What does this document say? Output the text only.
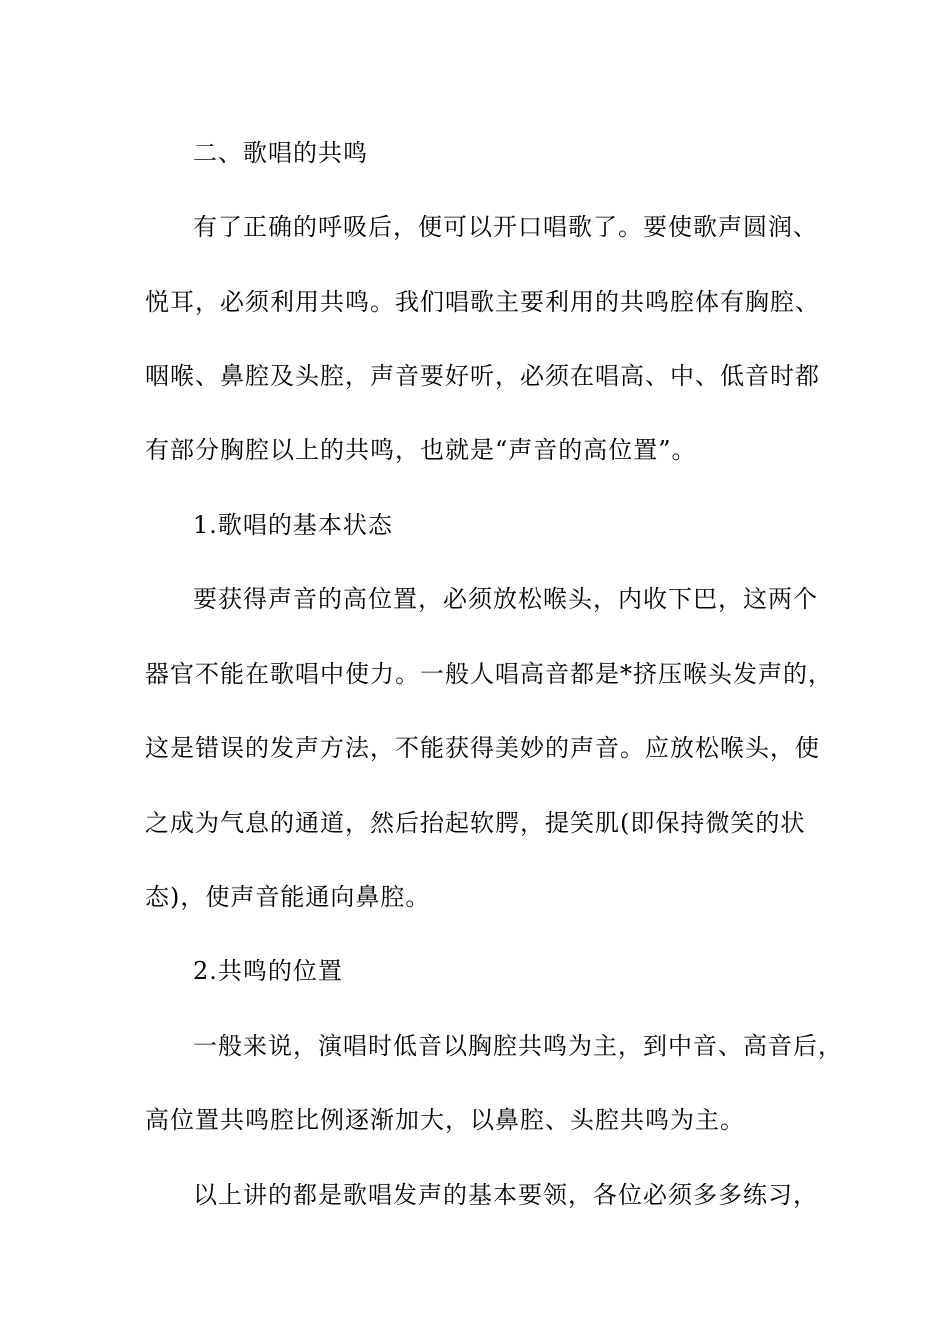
二、歌唱的共鸣
有了正确的呼吸后，便可以开口唱歌了。要使歌声圆润、
悦耳，必须利用共鸣。我们唱歌主要利用的共鸣腔体有胸腔、
咽喉、鼻腔及头腔，声音要好听，必须在唱高、中、低音时都
有部分胸腔以上的共鸣，也就是“声音的高位置”。
1.歌唱的基本状态
要获得声音的高位置，必须放松喉头，内收下巴，这两个
器官不能在歌唱中使力。一般人唱高音都是*挤压喉头发声的，
这是错误的发声方法，不能获得美妙的声音。应放松喉头，使
之成为气息的通道，然后抬起软腭，提笑肌(即保持微笑的状
态)，使声音能通向鼻腔。
2.共鸣的位置
一般来说，演唱时低音以胸腔共鸣为主，到中音、高音后，
高位置共鸣腔比例逐渐加大，以鼻腔、头腔共鸣为主。
以上讲的都是歌唱发声的基本要领，各位必须多多练习，
